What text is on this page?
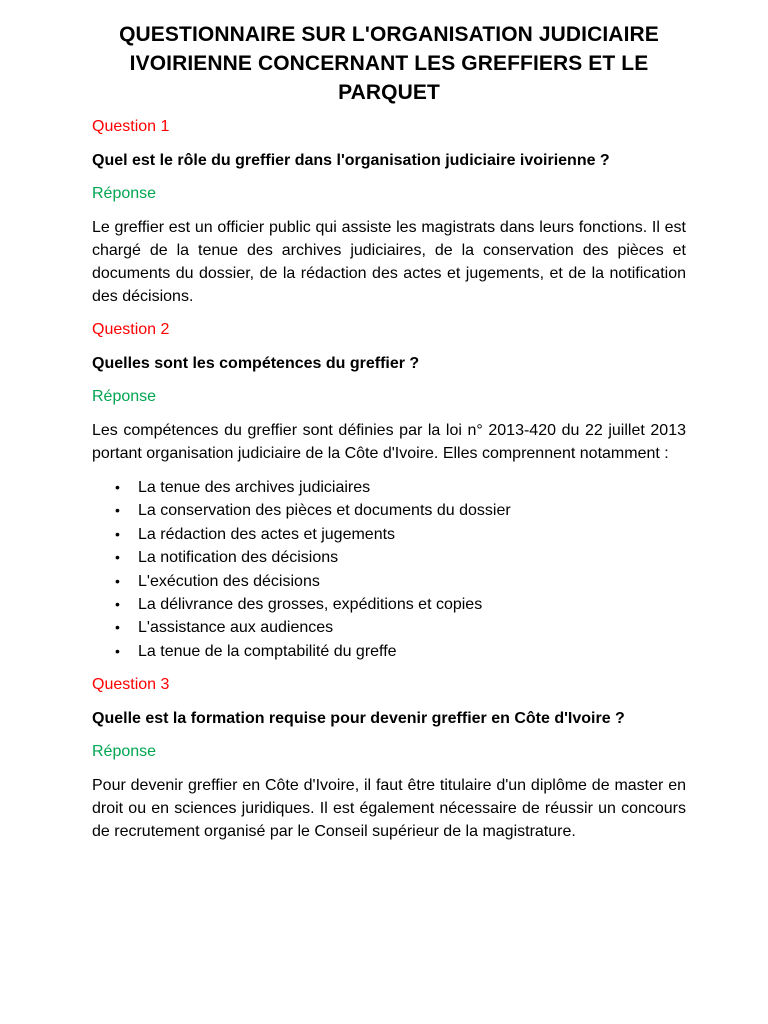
QUESTIONNAIRE SUR L'ORGANISATION JUDICIAIRE IVOIRIENNE CONCERNANT LES GREFFIERS ET LE PARQUET

Question 1

Quel est le rôle du greffier dans l'organisation judiciaire ivoirienne ?

Réponse

Le greffier est un officier public qui assiste les magistrats dans leurs fonctions. Il est chargé de la tenue des archives judiciaires, de la conservation des pièces et documents du dossier, de la rédaction des actes et jugements, et de la notification des décisions.

Question 2

Quelles sont les compétences du greffier ?

Réponse

Les compétences du greffier sont définies par la loi n° 2013-420 du 22 juillet 2013 portant organisation judiciaire de la Côte d'Ivoire. Elles comprennent notamment :

• La tenue des archives judiciaires
• La conservation des pièces et documents du dossier
• La rédaction des actes et jugements
• La notification des décisions
• L'exécution des décisions
• La délivrance des grosses, expéditions et copies
• L'assistance aux audiences
• La tenue de la comptabilité du greffe

Question 3

Quelle est la formation requise pour devenir greffier en Côte d'Ivoire ?

Réponse

Pour devenir greffier en Côte d'Ivoire, il faut être titulaire d'un diplôme de master en droit ou en sciences juridiques. Il est également nécessaire de réussir un concours de recrutement organisé par le Conseil supérieur de la magistrature.
